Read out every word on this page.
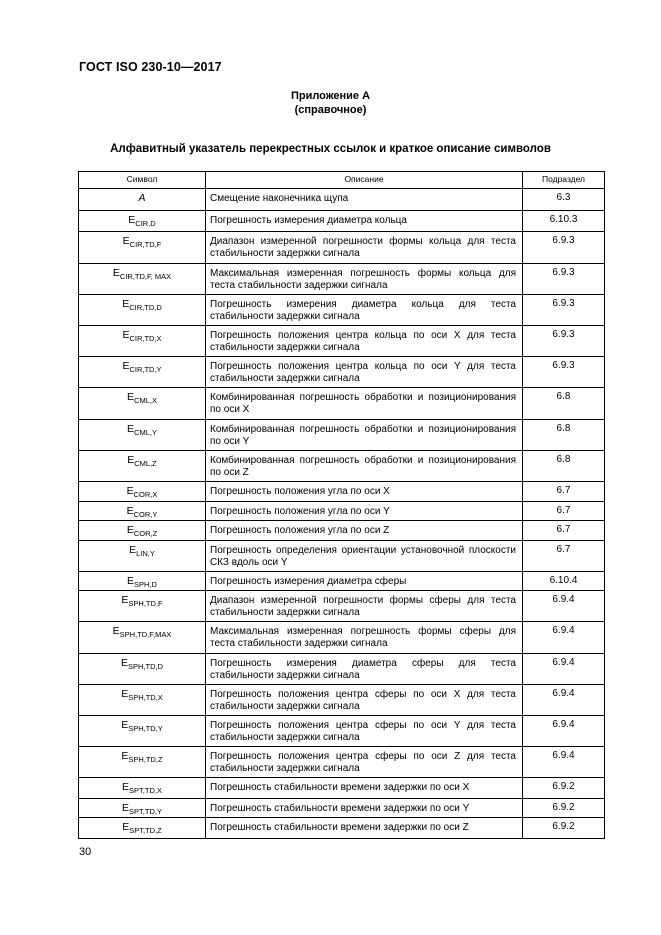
ГОСТ ISO 230-10—2017
Приложение А
(справочное)
Алфавитный указатель перекрестных ссылок и краткое описание символов
Символ	Описание	Подраздел
A	Смещение наконечника щупа	6.3
$E_{CIR,D}$	Погрешность измерения диаметра кольца	6.10.3
$E_{CIR,TD,F}$	Диапазон измеренной погрешности формы кольца для теста стабильности задержки сигнала	6.9.3
$E_{CIR,TD,F, MAX}$	Максимальная измеренная погрешность формы кольца для теста стабильности задержки сигнала	6.9.3
$E_{CIR,TD,D}$	Погрешность измерения диаметра кольца для теста стабильности задержки сигнала	6.9.3
$E_{CIR,TD,X}$	Погрешность положения центра кольца по оси X для теста стабильности задержки сигнала	6.9.3
$E_{CIR,TD,Y}$	Погрешность положения центра кольца по оси Y для теста стабильности задержки сигнала	6.9.3
$E_{CML,X}$	Комбинированная погрешность обработки и позиционирования по оси X	6.8
$E_{CML,Y}$	Комбинированная погрешность обработки и позиционирования по оси Y	6.8
$E_{CML,Z}$	Комбинированная погрешность обработки и позиционирования по оси Z	6.8
$E_{COR,X}$	Погрешность положения угла по оси X	6.7
$E_{COR,Y}$	Погрешность положения угла по оси Y	6.7
$E_{COR,Z}$	Погрешность положения угла по оси Z	6.7
$E_{LIN,Y}$	Погрешность определения ориентации установочной плоскости СКЗ вдоль оси Y	6.7
$E_{SPH,D}$	Погрешность измерения диаметра сферы	6.10.4
$E_{SPH,TD,F}$	Диапазон измеренной погрешности формы сферы для теста стабильности задержки сигнала	6.9.4
$E_{SPH,TD,F,MAX}$	Максимальная измеренная погрешность формы сферы для теста стабильности задержки сигнала	6.9.4
$E_{SPH,TD,D}$	Погрешность измерения диаметра сферы для теста стабильности задержки сигнала	6.9.4
$E_{SPH,TD,X}$	Погрешность положения центра сферы по оси X для теста стабильности задержки сигнала	6.9.4
$E_{SPH,TD,Y}$	Погрешность положения центра сферы по оси Y для теста стабильности задержки сигнала	6.9.4
$E_{SPH,TD,Z}$	Погрешность положения центра сферы по оси Z для теста стабильности задержки сигнала	6.9.4
$E_{SPT,TD,X}$	Погрешность стабильности времени задержки по оси X	6.9.2
$E_{SPT,TD,Y}$	Погрешность стабильности времени задержки по оси Y	6.9.2
$E_{SPT,TD,Z}$	Погрешность стабильности времени задержки по оси Z	6.9.2
30
